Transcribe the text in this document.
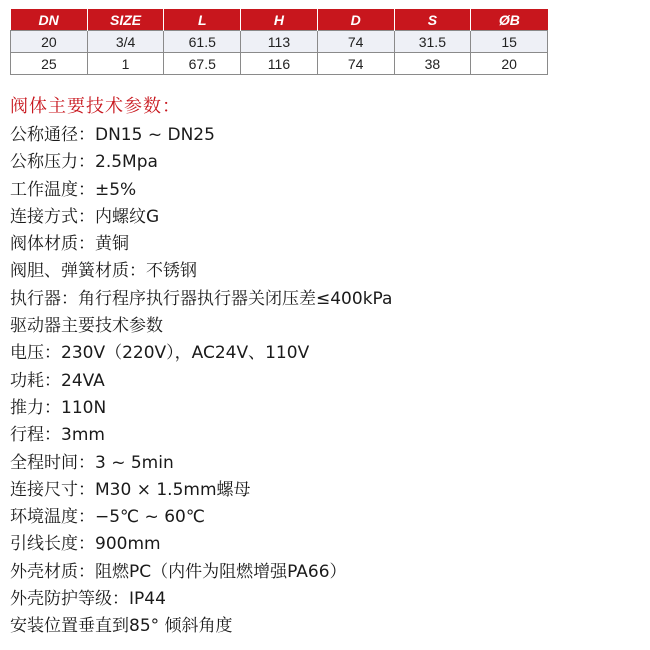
DN	SIZE	L	H	D	S	ØB
20	3/4	61.5	113	74	31.5	15
25	1	67.5	116	74	38	20
阀体主要技术参数：
公称通径：DN15 ~ DN25
公称压力：2.5Mpa
工作温度：±5%
连接方式：内螺纹G
阀体材质：黄铜
阀胆、弹簧材质：不锈钢
执行器：角行程序执行器执行器关闭压差≤400kPa
驱动器主要技术参数
电压：230V（220V），AC24V、110V
功耗：24VA
推力：110N
行程：3mm
全程时间：3 ~ 5min
连接尺寸：M30 × 1.5mm螺母
环境温度：−5℃ ~ 60℃
引线长度：900mm
外壳材质：阻燃PC（内件为阻燃增强PA66）
外壳防护等级：IP44
安装位置垂直到85° 倾斜角度
